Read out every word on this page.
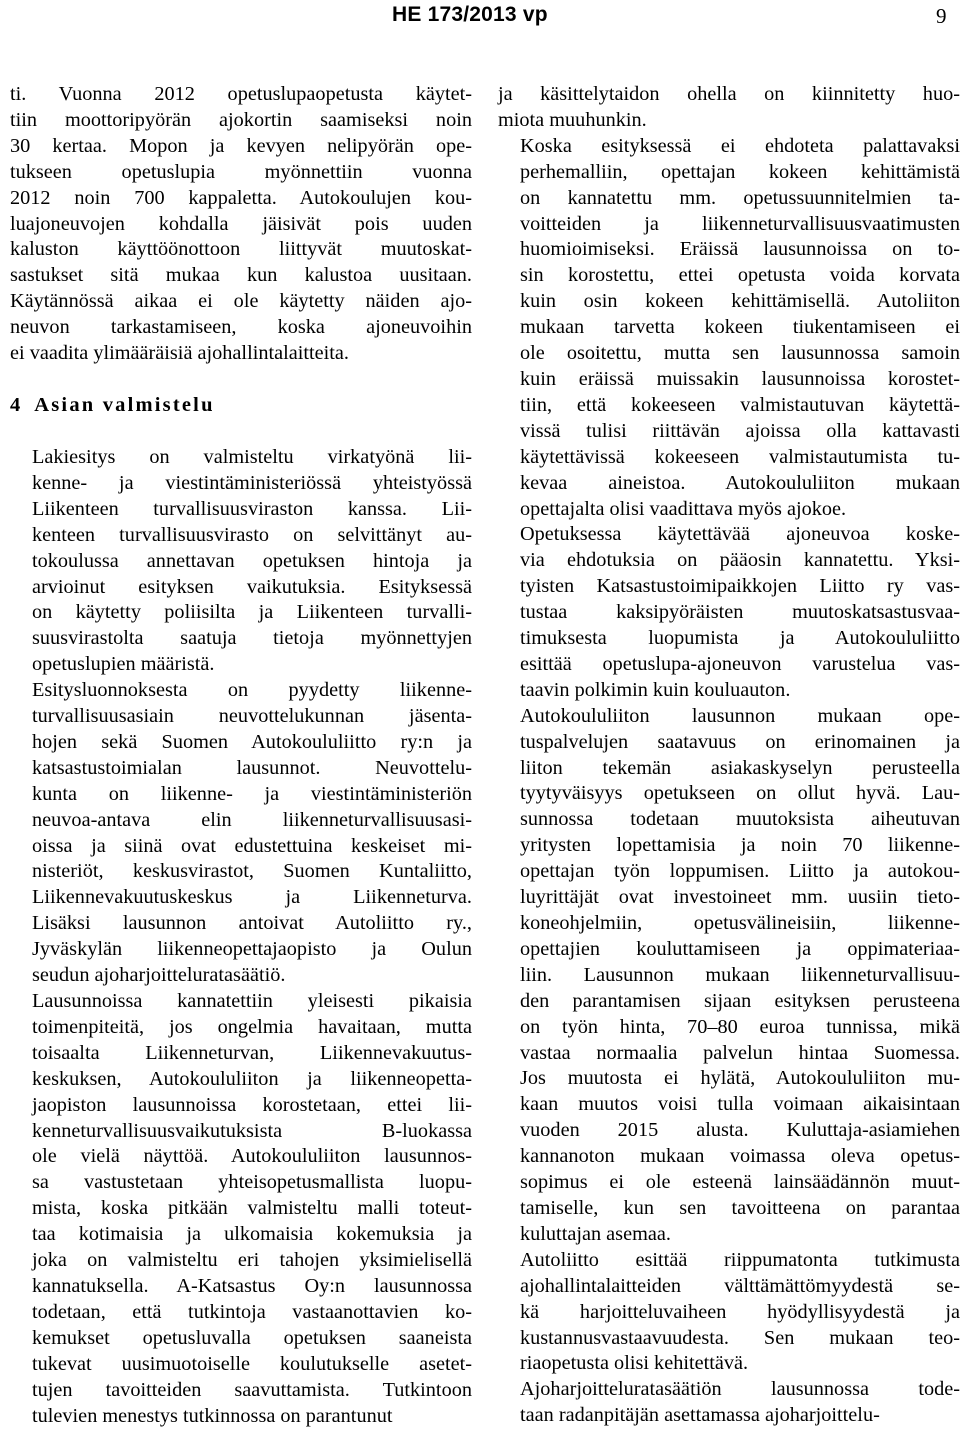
HE 173/2013 vp	9

ti. Vuonna 2012 opetuslupaopetusta käytet-
tiin moottoripyörän ajokortin saamiseksi noin
30 kertaa. Mopon ja kevyen nelipyörän ope-
tukseen opetuslupia myönnettiin vuonna
2012 noin 700 kappaletta. Autokoulujen kou-
luajoneuvojen kohdalla jäisivät pois uuden
kaluston käyttöönottoon liittyvät muutoskat-
sastukset sitä mukaa kun kalustoa uusitaan.
Käytännössä aikaa ei ole käytetty näiden ajo-
neuvon tarkastamiseen, koska ajoneuvoihin
ei vaadita ylimääräisiä ajohallintalaitteita.

4 Asian valmistelu

Lakiesitys on valmisteltu virkatyönä lii-
kenne- ja viestintäministeriössä yhteistyössä
Liikenteen turvallisuusviraston kanssa. Lii-
kenteen turvallisuusvirasto on selvittänyt au-
tokoulussa annettavan opetuksen hintoja ja
arvioinut esityksen vaikutuksia. Esityksessä
on käytetty poliisilta ja Liikenteen turvalli-
suusvirastolta saatuja tietoja myönnettyjen
opetuslupien määristä.

Esitysluonnoksesta on pyydetty liikenne-
turvallisuusasiain neuvottelukunnan jäsenta-
hojen sekä Suomen Autokoululiitto ry:n ja
katsastustoimialan lausunnot. Neuvottelu-
kunta on liikenne- ja viestintäministeriön
neuvoa-antava elin liikenneturvallisuusasi-
oissa ja siinä ovat edustettuina keskeiset mi-
nisteriöt, keskusvirastot, Suomen Kuntaliitto,
Liikennevakuutuskeskus ja Liikenneturva.
Lisäksi lausunnon antoivat Autoliitto ry.,
Jyväskylän liikenneopettajaopisto ja Oulun
seudun ajoharjoitteluratasäätiö.

Lausunnoissa kannatettiin yleisesti pikaisia
toimenpiteitä, jos ongelmia havaitaan, mutta
toisaalta Liikenneturvan, Liikennevakuutus-
keskuksen, Autokoululiiton ja liikenneopetta-
jaopiston lausunnoissa korostetaan, ettei lii-
kenneturvallisuusvaikutuksista B-luokassa
ole vielä näyttöä. Autokoululiiton lausunnos-
sa vastustetaan yhteisopetusmallista luopu-
mista, koska pitkään valmisteltu malli toteut-
taa kotimaisia ja ulkomaisia kokemuksia ja
joka on valmisteltu eri tahojen yksimielisellä
kannatuksella. A-Katsastus Oy:n lausunnossa
todetaan, että tutkintoja vastaanottavien ko-
kemukset opetusluvalla opetuksen saaneista
tukevat uusimuotoiselle koulutukselle asetet-
tujen tavoitteiden saavuttamista. Tutkintoon
tulevien menestys tutkinnossa on parantunut

ja käsittelytaidon ohella on kiinnitetty huo-
miota muuhunkin.

Koska esityksessä ei ehdoteta palattavaksi
perhemalliin, opettajan kokeen kehittämistä
on kannatettu mm. opetussuunnitelmien ta-
voitteiden ja liikenneturvallisuusvaatimusten
huomioimiseksi. Eräissä lausunnoissa on to-
sin korostettu, ettei opetusta voida korvata
kuin osin kokeen kehittämisellä. Autoliiton
mukaan tarvetta kokeen tiukentamiseen ei
ole osoitettu, mutta sen lausunnossa samoin
kuin eräissä muissakin lausunnoissa korostet-
tiin, että kokeeseen valmistautuvan käytettä-
vissä tulisi riittävän ajoissa olla kattavasti
käytettävissä kokeeseen valmistautumista tu-
kevaa aineistoa. Autokoululiiton mukaan
opettajalta olisi vaadittava myös ajokoe.

Opetuksessa käytettävää ajoneuvoa koske-
via ehdotuksia on pääosin kannatettu. Yksi-
tyisten Katsastustoimipaikkojen Liitto ry vas-
tustaa kaksipyöräisten muutoskatsastusvaa-
timuksesta luopumista ja Autokoululiitto
esittää opetuslupa-ajoneuvon varustelua vas-
taavin polkimin kuin kouluauton.

Autokoululiiton lausunnon mukaan ope-
tuspalvelujen saatavuus on erinomainen ja
liiton tekemän asiakaskyselyn perusteella
tyytyväisyys opetukseen on ollut hyvä. Lau-
sunnossa todetaan muutoksista aiheutuvan
yritysten lopettamisia ja noin 70 liikenne-
opettajan työn loppumisen. Liitto ja autokou-
luyrittäjät ovat investoineet mm. uusiin tieto-
koneohjelmiin, opetusvälineisiin, liikenne-
opettajien kouluttamiseen ja oppimateriaa-
liin. Lausunnon mukaan liikenneturvallisuu-
den parantamisen sijaan esityksen perusteena
on työn hinta, 70–80 euroa tunnissa, mikä
vastaa normaalia palvelun hintaa Suomessa.
Jos muutosta ei hylätä, Autokoululiiton mu-
kaan muutos voisi tulla voimaan aikaisintaan
vuoden 2015 alusta. Kuluttaja-asiamiehen
kannanoton mukaan voimassa oleva opetus-
sopimus ei ole esteenä lainsäädännön muut-
tamiselle, kun sen tavoitteena on parantaa
kuluttajan asemaa.

Autoliitto esittää riippumatonta tutkimusta
ajohallintalaitteiden välttämättömyydestä se-
kä harjoitteluvaiheen hyödyllisyydestä ja
kustannusvastaavuudesta. Sen mukaan teo-
riaopetusta olisi kehitettävä.

Ajoharjoitteluratasäätiön lausunnossa tode-
taan radanpitäjän asettamassa ajoharjoittelu-
